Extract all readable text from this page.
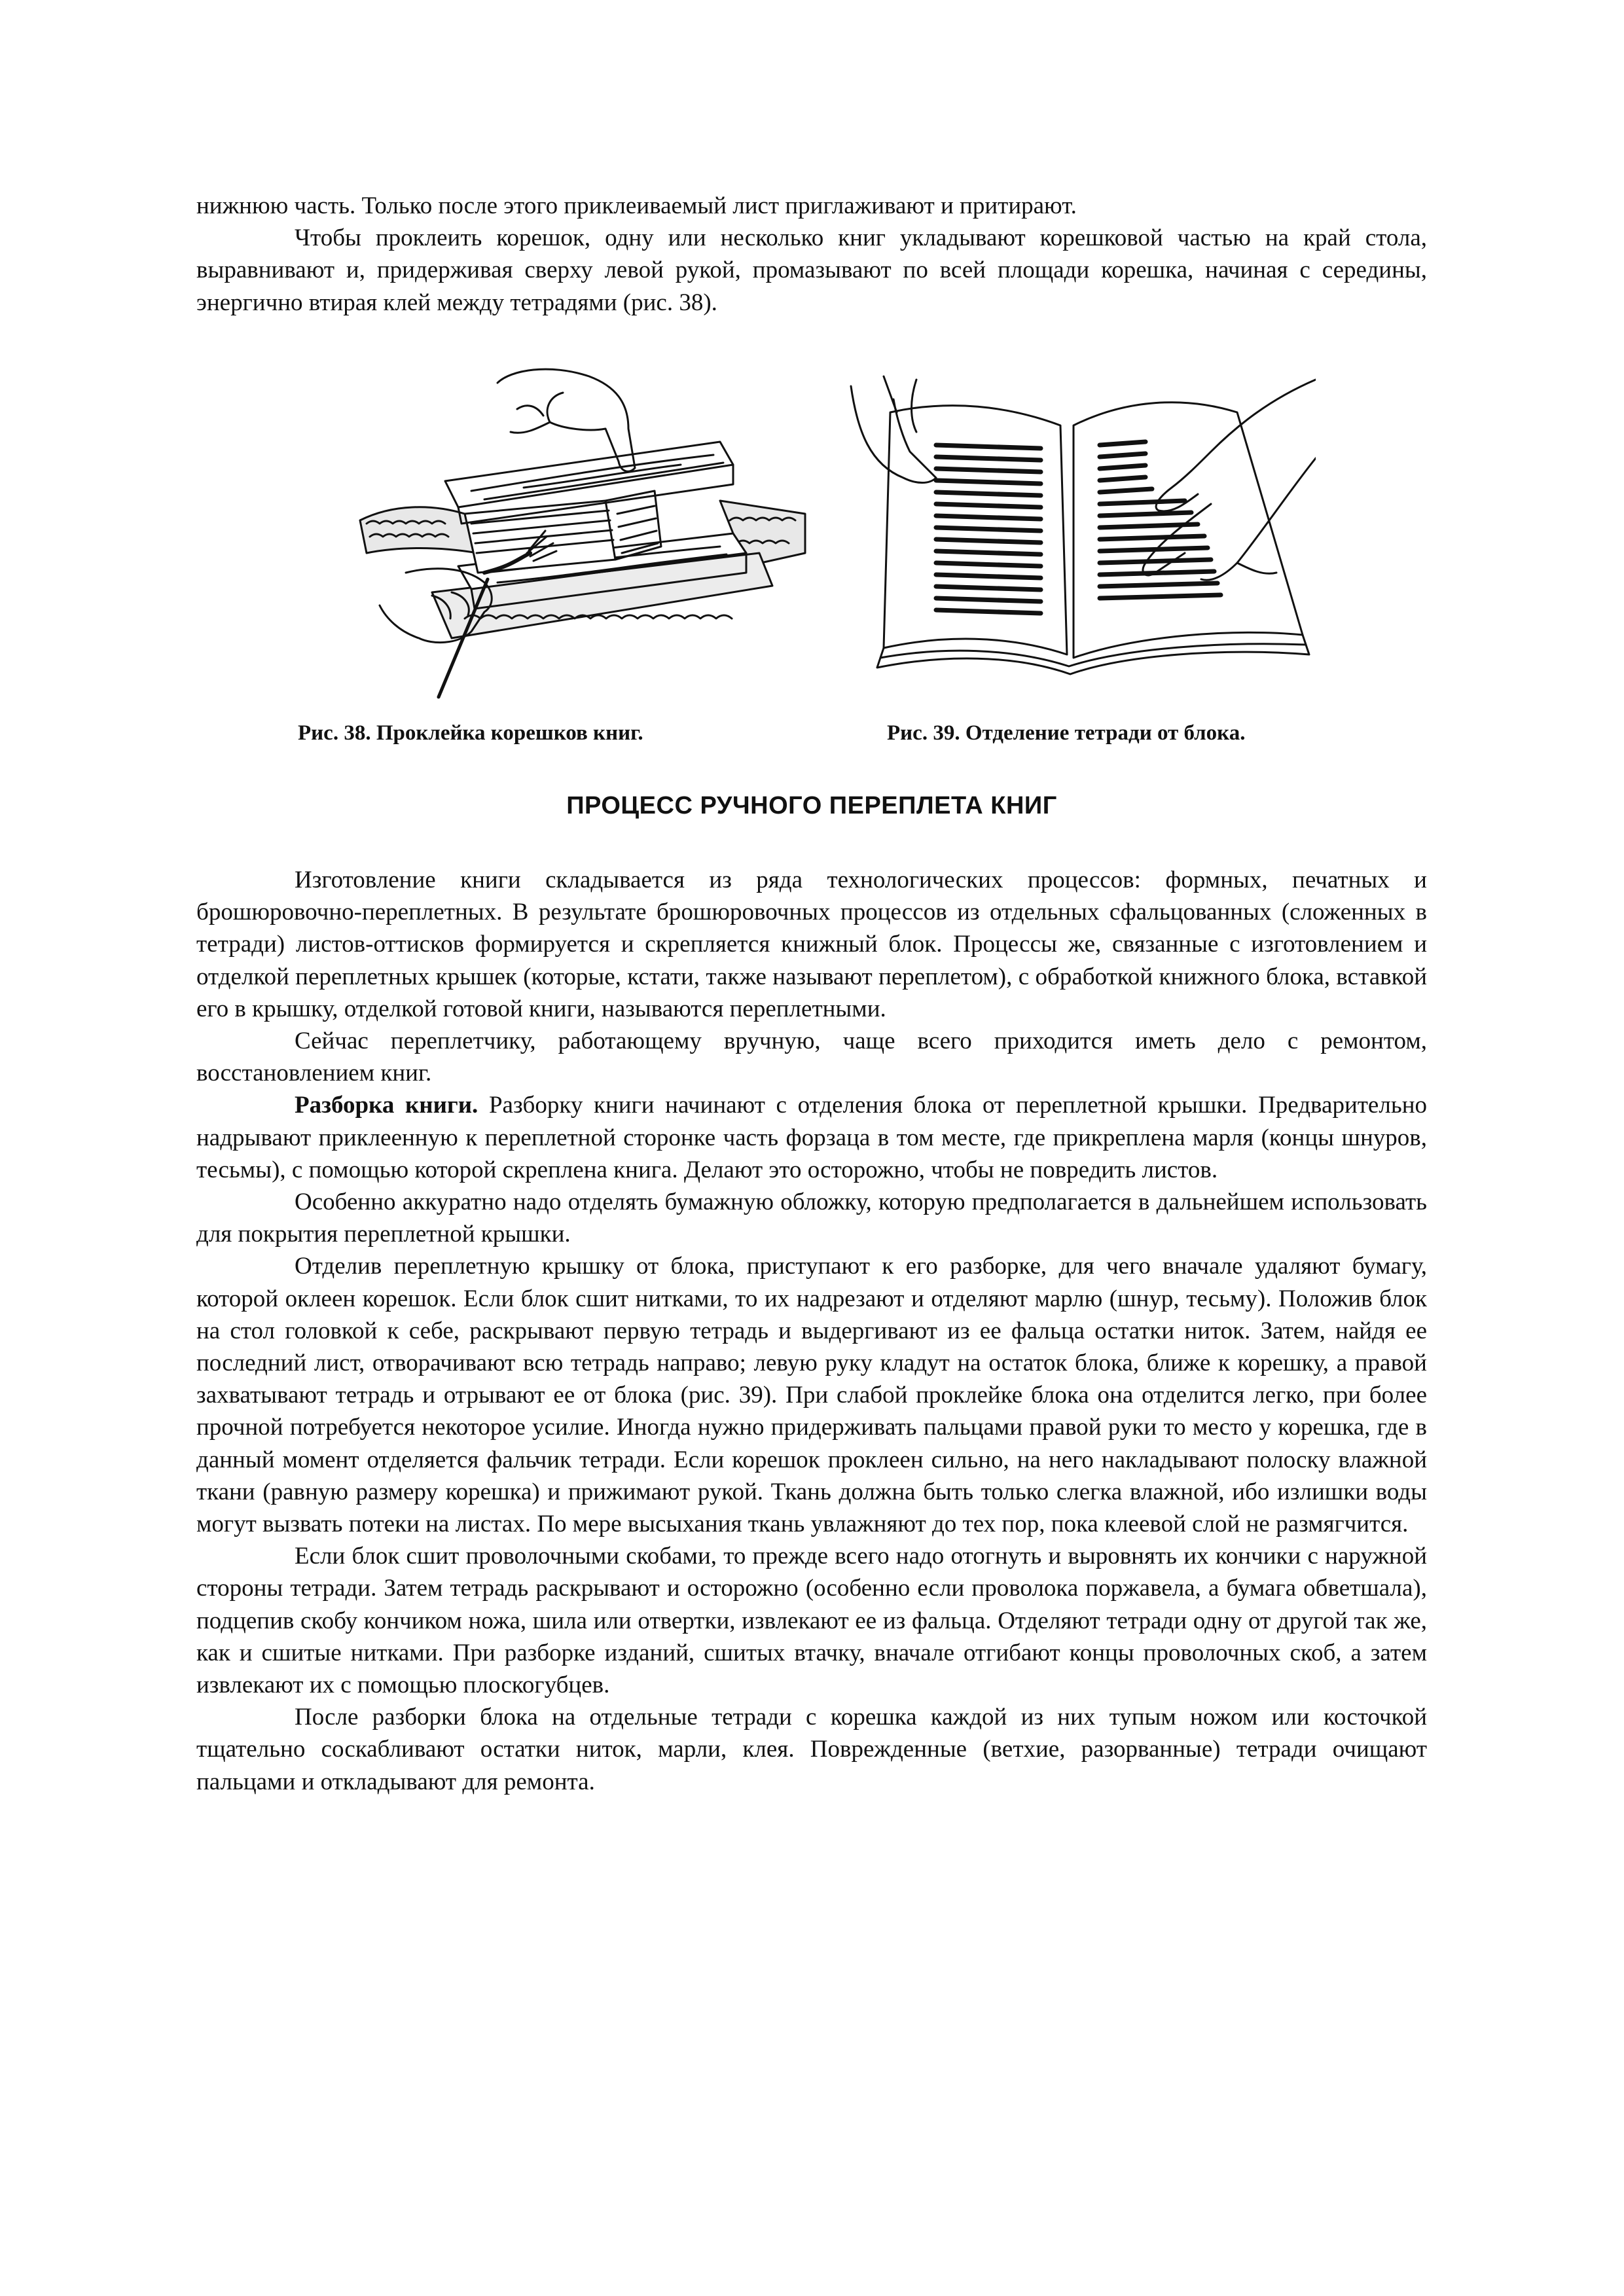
нижнюю часть. Только после этого приклеиваемый лист приглаживают и притирают.

Чтобы проклеить корешок, одну или несколько книг укладывают корешковой частью на край стола, выравнивают и, придерживая сверху левой рукой, промазывают по всей площади корешка, начиная с середины, энергично втирая клей между тетрадями (рис. 38).

Рис. 38. Проклейка корешков книг.	Рис. 39. Отделение тетради от блока.
ПРОЦЕСС РУЧНОГО ПЕРЕПЛЕТА КНИГ

Изготовление книги складывается из ряда технологических процессов: формных, печатных и брошюровочно-переплетных. В результате брошюровочных процессов из отдельных сфальцованных (сложенных в тетради) листов-оттисков формируется и скрепляется книжный блок. Процессы же, связанные с изготовлением и отделкой переплетных крышек (которые, кстати, также называют переплетом), с обработкой книжного блока, вставкой его в крышку, отделкой готовой книги, называются переплетными.

Сейчас переплетчику, работающему вручную, чаще всего приходится иметь дело с ремонтом, восстановлением книг.

Разборка книги. Разборку книги начинают с отделения блока от переплетной крышки. Предварительно надрывают приклеенную к переплетной сторонке часть форзаца в том месте, где прикреплена марля (концы шнуров, тесьмы), с помощью которой скреплена книга. Делают это осторожно, чтобы не повредить листов.

Особенно аккуратно надо отделять бумажную обложку, которую предполагается в дальнейшем использовать для покрытия переплетной крышки.

Отделив переплетную крышку от блока, приступают к его разборке, для чего вначале удаляют бумагу, которой оклеен корешок. Если блок сшит нитками, то их надрезают и отделяют марлю (шнур, тесьму). Положив блок на стол головкой к себе, раскрывают первую тетрадь и выдергивают из ее фальца остатки ниток. Затем, найдя ее последний лист, отворачивают всю тетрадь направо; левую руку кладут на остаток блока, ближе к корешку, а правой захватывают тетрадь и отрывают ее от блока (рис. 39). При слабой проклейке блока она отделится легко, при более прочной потребуется некоторое усилие. Иногда нужно придерживать пальцами правой руки то место у корешка, где в данный момент отделяется фальчик тетради. Если корешок проклеен сильно, на него накладывают полоску влажной ткани (равную размеру корешка) и прижимают рукой. Ткань должна быть только слегка влажной, ибо излишки воды могут вызвать потеки на листах. По мере высыхания ткань увлажняют до тех пор, пока клеевой слой не размягчится.

Если блок сшит проволочными скобами, то прежде всего надо отогнуть и выровнять их кончики с наружной стороны тетради. Затем тетрадь раскрывают и осторожно (особенно если проволока поржавела, а бумага обветшала), подцепив скобу кончиком ножа, шила или отвертки, извлекают ее из фальца. Отделяют тетради одну от другой так же, как и сшитые нитками. При разборке изданий, сшитых втачку, вначале отгибают концы проволочных скоб, а затем извлекают их с помощью плоскогубцев.

После разборки блока на отдельные тетради с корешка каждой из них тупым ножом или косточкой тщательно соскабливают остатки ниток, марли, клея. Поврежденные (ветхие, разорванные) тетради очищают пальцами и откладывают для ремонта.
